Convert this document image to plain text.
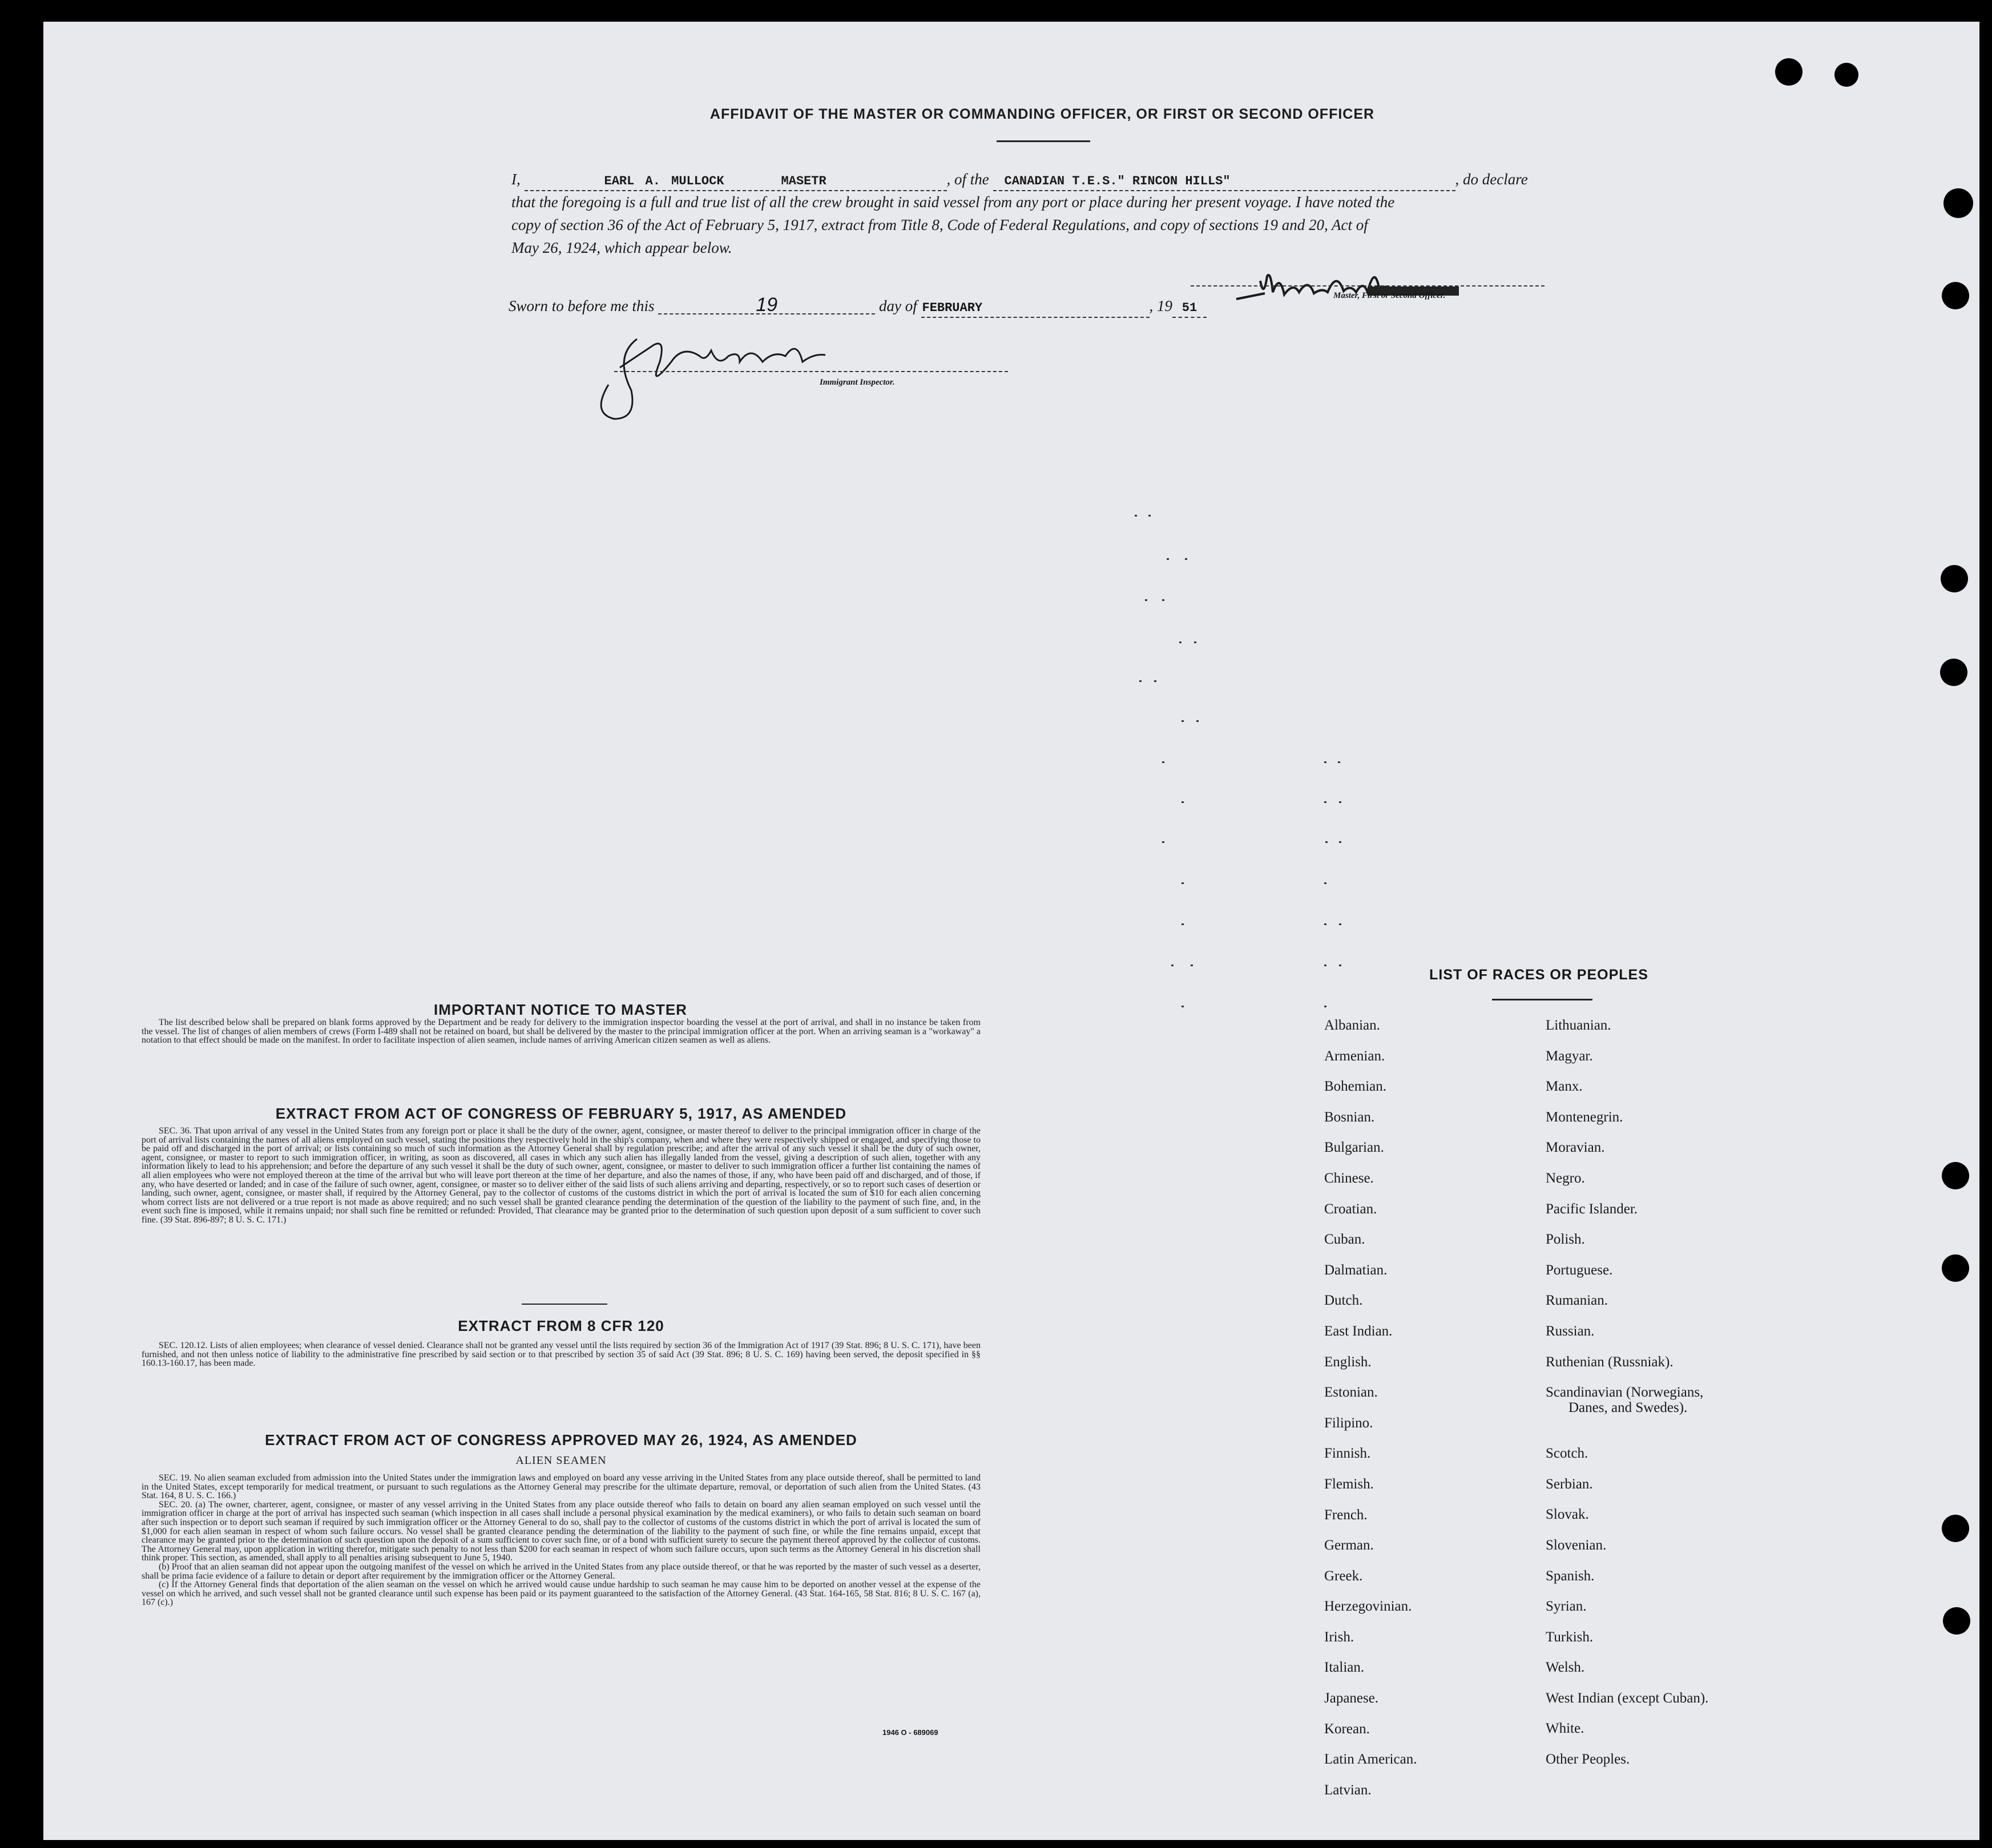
AFFIDAVIT OF THE MASTER OR COMMANDING OFFICER, OR FIRST OR SECOND OFFICER
I,	EARL A. MULLOCK	MASETR	, of the CANADIAN T.E.S." RINCON HILLS"	, do declare
that the foregoing is a full and true list of all the crew brought in said vessel from any port or place during her present voyage. I have noted the
copy of section 36 of the Act of February 5, 1917, extract from Title 8, Code of Federal Regulations, and copy of sections 19 and 20, Act of
May 26, 1924, which appear below.
Master, First or Second Officer.
Sworn to before me this	19	day of FEBRUARY	, 19 51
Immigrant Inspector.
IMPORTANT NOTICE TO MASTER

The list described below shall be prepared on blank forms approved by the Department and be ready for delivery to the immigration inspector boarding the vessel at the port of arrival, and shall in no instance be taken from the vessel. The list of changes of alien members of crews (Form I-489 shall not be retained on board, but shall be delivered by the master to the principal immigration officer at the port. When an arriving seaman is a "workaway" a notation to that effect should be made on the manifest. In order to facilitate inspection of alien seamen, include names of arriving American citizen seamen as well as aliens.

EXTRACT FROM ACT OF CONGRESS OF FEBRUARY 5, 1917, AS AMENDED

SEC. 36. That upon arrival of any vessel in the United States from any foreign port or place it shall be the duty of the owner, agent, consignee, or master thereof to deliver to the principal immigration officer in charge of the port of arrival lists containing the names of all aliens employed on such vessel, stating the positions they respectively hold in the ship's company, when and where they were respectively shipped or engaged, and specifying those to be paid off and discharged in the port of arrival; or lists containing so much of such information as the Attorney General shall by regulation prescribe; and after the arrival of any such vessel it shall be the duty of such owner, agent, consignee, or master to report to such immigration officer, in writing, as soon as discovered, all cases in which any such alien has illegally landed from the vessel, giving a description of such alien, together with any information likely to lead to his apprehension; and before the departure of any such vessel it shall be the duty of such owner, agent, consignee, or master to deliver to such immigration officer a further list containing the names of all alien employees who were not employed thereon at the time of the arrival but who will leave port thereon at the time of her departure, and also the names of those, if any, who have been paid off and discharged, and of those, if any, who have deserted or landed; and in case of the failure of such owner, agent, consignee, or master so to deliver either of the said lists of such aliens arriving and departing, respectively, or so to report such cases of desertion or landing, such owner, agent, consignee, or master shall, if required by the Attorney General, pay to the collector of customs of the customs district in which the port of arrival is located the sum of $10 for each alien concerning whom correct lists are not delivered or a true report is not made as above required; and no such vessel shall be granted clearance pending the determination of the question of the liability to the payment of such fine, and, in the event such fine is imposed, while it remains unpaid; nor shall such fine be remitted or refunded: Provided, That clearance may be granted prior to the determination of such question upon deposit of a sum sufficient to cover such fine. (39 Stat. 896-897; 8 U. S. C. 171.)

EXTRACT FROM 8 CFR 120

SEC. 120.12. Lists of alien employees; when clearance of vessel denied. Clearance shall not be granted any vessel until the lists required by section 36 of the Immigration Act of 1917 (39 Stat. 896; 8 U. S. C. 171), have been furnished, and not then unless notice of liability to the administrative fine prescribed by said section or to that prescribed by section 35 of said Act (39 Stat. 896; 8 U. S. C. 169) having been served, the deposit specified in §§ 160.13-160.17, has been made.

EXTRACT FROM ACT OF CONGRESS APPROVED MAY 26, 1924, AS AMENDED
ALIEN SEAMEN

SEC. 19. No alien seaman excluded from admission into the United States under the immigration laws and employed on board any vesse arriving in the United States from any place outside thereof, shall be permitted to land in the United States, except temporarily for medical treatment, or pursuant to such regulations as the Attorney General may prescribe for the ultimate departure, removal, or deportation of such alien from the United States. (43 Stat. 164, 8 U. S. C. 166.)

SEC. 20. (a) The owner, charterer, agent, consignee, or master of any vessel arriving in the United States from any place outside thereof who fails to detain on board any alien seaman employed on such vessel until the immigration officer in charge at the port of arrival has inspected such seaman (which inspection in all cases shall include a personal physical examination by the medical examiners), or who fails to detain such seaman on board after such inspection or to deport such seaman if required by such immigration officer or the Attorney General to do so, shall pay to the collector of customs of the customs district in which the port of arrival is located the sum of $1,000 for each alien seaman in respect of whom such failure occurs. No vessel shall be granted clearance pending the determination of the liability to the payment of such fine, or while the fine remains unpaid, except that clearance may be granted prior to the determination of such question upon the deposit of a sum sufficient to cover such fine, or of a bond with sufficient surety to secure the payment thereof approved by the collector of customs. The Attorney General may, upon application in writing therefor, mitigate such penalty to not less than $200 for each seaman in respect of whom such failure occurs, upon such terms as the Attorney General in his discretion shall think proper. This section, as amended, shall apply to all penalties arising subsequent to June 5, 1940.

(b) Proof that an alien seaman did not appear upon the outgoing manifest of the vessel on which he arrived in the United States from any place outside thereof, or that he was reported by the master of such vessel as a deserter, shall be prima facie evidence of a failure to detain or deport after requirement by the immigration officer or the Attorney General.

(c) If the Attorney General finds that deportation of the alien seaman on the vessel on which he arrived would cause undue hardship to such seaman he may cause him to be deported on another vessel at the expense of the vessel on which he arrived, and such vessel shall not be granted clearance until such expense has been paid or its payment guaranteed to the satisfaction of the Attorney General. (43 Stat. 164-165, 58 Stat. 816; 8 U. S. C. 167 (a), 167 (c).)

1946 O - 689069
LIST OF RACES OR PEOPLES
Albanian.
Armenian.
Bohemian.
Bosnian.
Bulgarian.
Chinese.
Croatian.
Cuban.
Dalmatian.
Dutch.
East Indian.
English.
Estonian.
Filipino.
Finnish.
Flemish.
French.
German.
Greek.
Herzegovinian.
Irish.
Italian.
Japanese.
Korean.
Latin American.
Latvian.
Lithuanian.
Magyar.
Manx.
Montenegrin.
Moravian.
Negro.
Pacific Islander.
Polish.
Portuguese.
Rumanian.
Russian.
Ruthenian (Russniak).
Scandinavian (Norwegians,
Danes, and Swedes).
Scotch.
Serbian.
Slovak.
Slovenian.
Spanish.
Syrian.
Turkish.
Welsh.
West Indian (except Cuban).
White.
Other Peoples.
